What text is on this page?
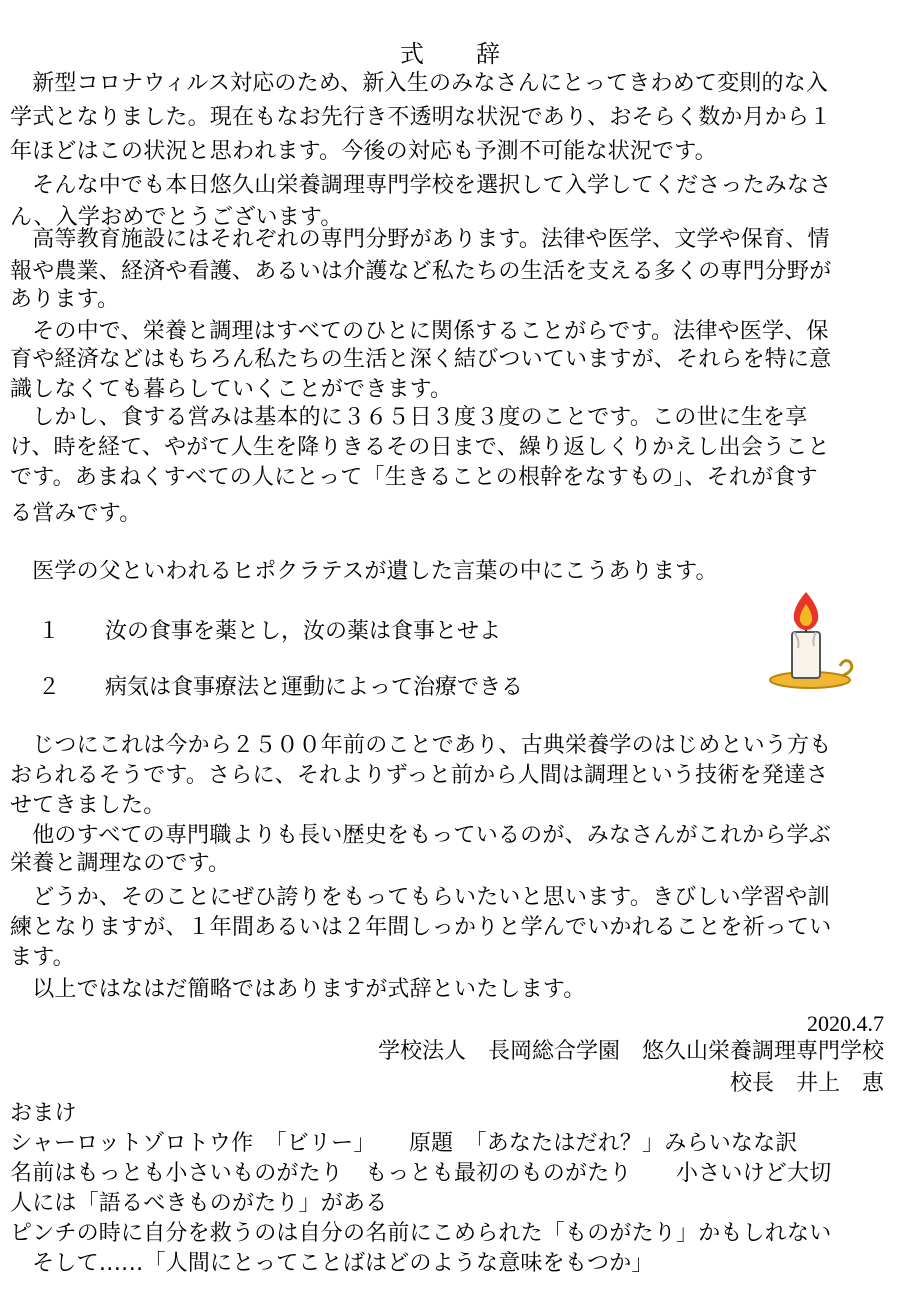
式 辞
　新型コロナウィルス対応のため、新入生のみなさんにとってきわめて変則的な入
学式となりました。現在もなお先行き不透明な状況であり、おそらく数か月から１
年ほどはこの状況と思われます。今後の対応も予測不可能な状況です。
　そんな中でも本日悠久山栄養調理専門学校を選択して入学してくださったみなさ
ん、入学おめでとうございます。
　高等教育施設にはそれぞれの専門分野があります。法律や医学、文学や保育、情
報や農業、経済や看護、あるいは介護など私たちの生活を支える多くの専門分野が
あります。
　その中で、栄養と調理はすべてのひとに関係することがらです。法律や医学、保
育や経済などはもちろん私たちの生活と深く結びついていますが、それらを特に意
識しなくても暮らしていくことができます。
　しかし、食する営みは基本的に３６５日３度３度のことです。この世に生を享
け、時を経て、やがて人生を降りきるその日まで、繰り返しくりかえし出会うこと
です。あまねくすべての人にとって「生きることの根幹をなすもの」、それが食す
る営みです。
　医学の父といわれるヒポクラテスが遺した言葉の中にこうあります。
１ 汝の食事を薬とし，汝の薬は食事とせよ
２ 病気は食事療法と運動によって治療できる
　じつにこれは今から２５００年前のことであり、古典栄養学のはじめという方も
おられるそうです。さらに、それよりずっと前から人間は調理という技術を発達さ
せてきました。
　他のすべての専門職よりも長い歴史をもっているのが、みなさんがこれから学ぶ
栄養と調理なのです。
　どうか、そのことにぜひ誇りをもってもらいたいと思います。きびしい学習や訓
練となりますが、１年間あるいは２年間しっかりと学んでいかれることを祈ってい
ます。
　以上ではなはだ簡略ではありますが式辞といたします。
2020.4.7
学校法人 長岡総合学園 悠久山栄養調理専門学校
校長 井上　恵
おまけ
シャーロットゾロトウ作　「ビリー」　　原題　「あなたはだれ？」みらいなな訳
名前はもっとも小さいものがたり　もっとも最初のものがたり　　小さいけど大切
人には「語るべきものがたり」がある
ピンチの時に自分を救うのは自分の名前にこめられた「ものがたり」かもしれない
　そして‥‥‥「人間にとってことばはどのような意味をもつか」
